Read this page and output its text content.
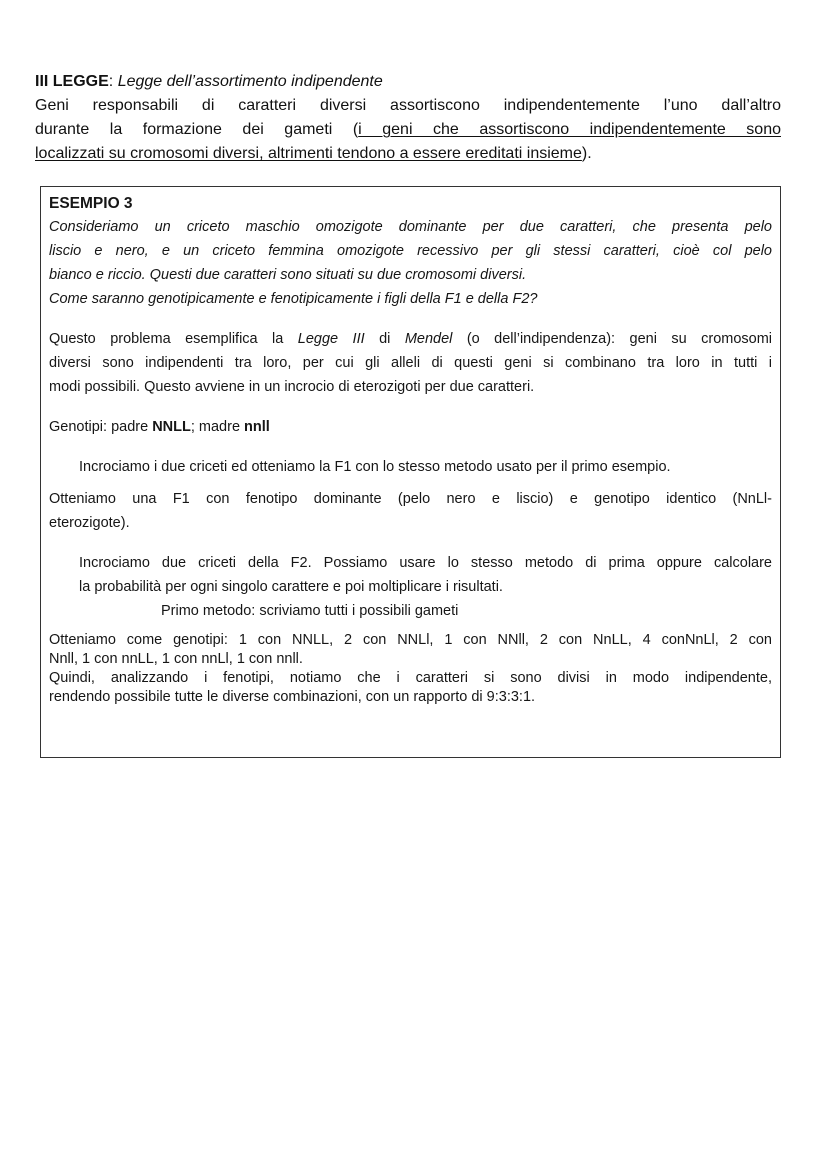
III LEGGE: Legge dell’assortimento indipendente

Geni responsabili di caratteri diversi assortiscono indipendentemente l’uno dall’altro
durante la formazione dei gameti (i geni che assortiscono indipendentemente sono
localizzati su cromosomi diversi, altrimenti tendono a essere ereditati insieme).

ESEMPIO 3

Consideriamo un criceto maschio omozigote dominante per due caratteri, che presenta pelo
liscio e nero, e un criceto femmina omozigote recessivo per gli stessi caratteri, cioè col pelo
bianco e riccio. Questi due caratteri sono situati su due cromosomi diversi.
Come saranno genotipicamente e fenotipicamente i figli della F1 e della F2?
Questo problema esemplifica la Legge III di Mendel (o dell’indipendenza): geni su cromosomi
diversi sono indipendenti tra loro, per cui gli alleli di questi geni si combinano tra loro in tutti i
modi possibili. Questo avviene in un incrocio di eterozigoti per due caratteri.

Genotipi: padre NNLL; madre nnll

Incrociamo i due criceti ed otteniamo la F1 con lo stesso metodo usato per il primo esempio.

Otteniamo una F1 con fenotipo dominante (pelo nero e liscio) e genotipo identico (NnLl-
eterozigote).
Incrociamo due criceti della F2. Possiamo usare lo stesso metodo di prima oppure calcolare
la probabilità per ogni singolo carattere e poi moltiplicare i risultati.

Primo metodo: scriviamo tutti i possibili gameti

Otteniamo come genotipi: 1 con NNLL, 2 con NNLl, 1 con NNll, 2 con NnLL, 4 conNnLl, 2 con
Nnll, 1 con nnLL, 1 con nnLl, 1 con nnll.
Quindi, analizzando i fenotipi, notiamo che i caratteri si sono divisi in modo indipendente,
rendendo possibile tutte le diverse combinazioni, con un rapporto di 9:3:3:1.
